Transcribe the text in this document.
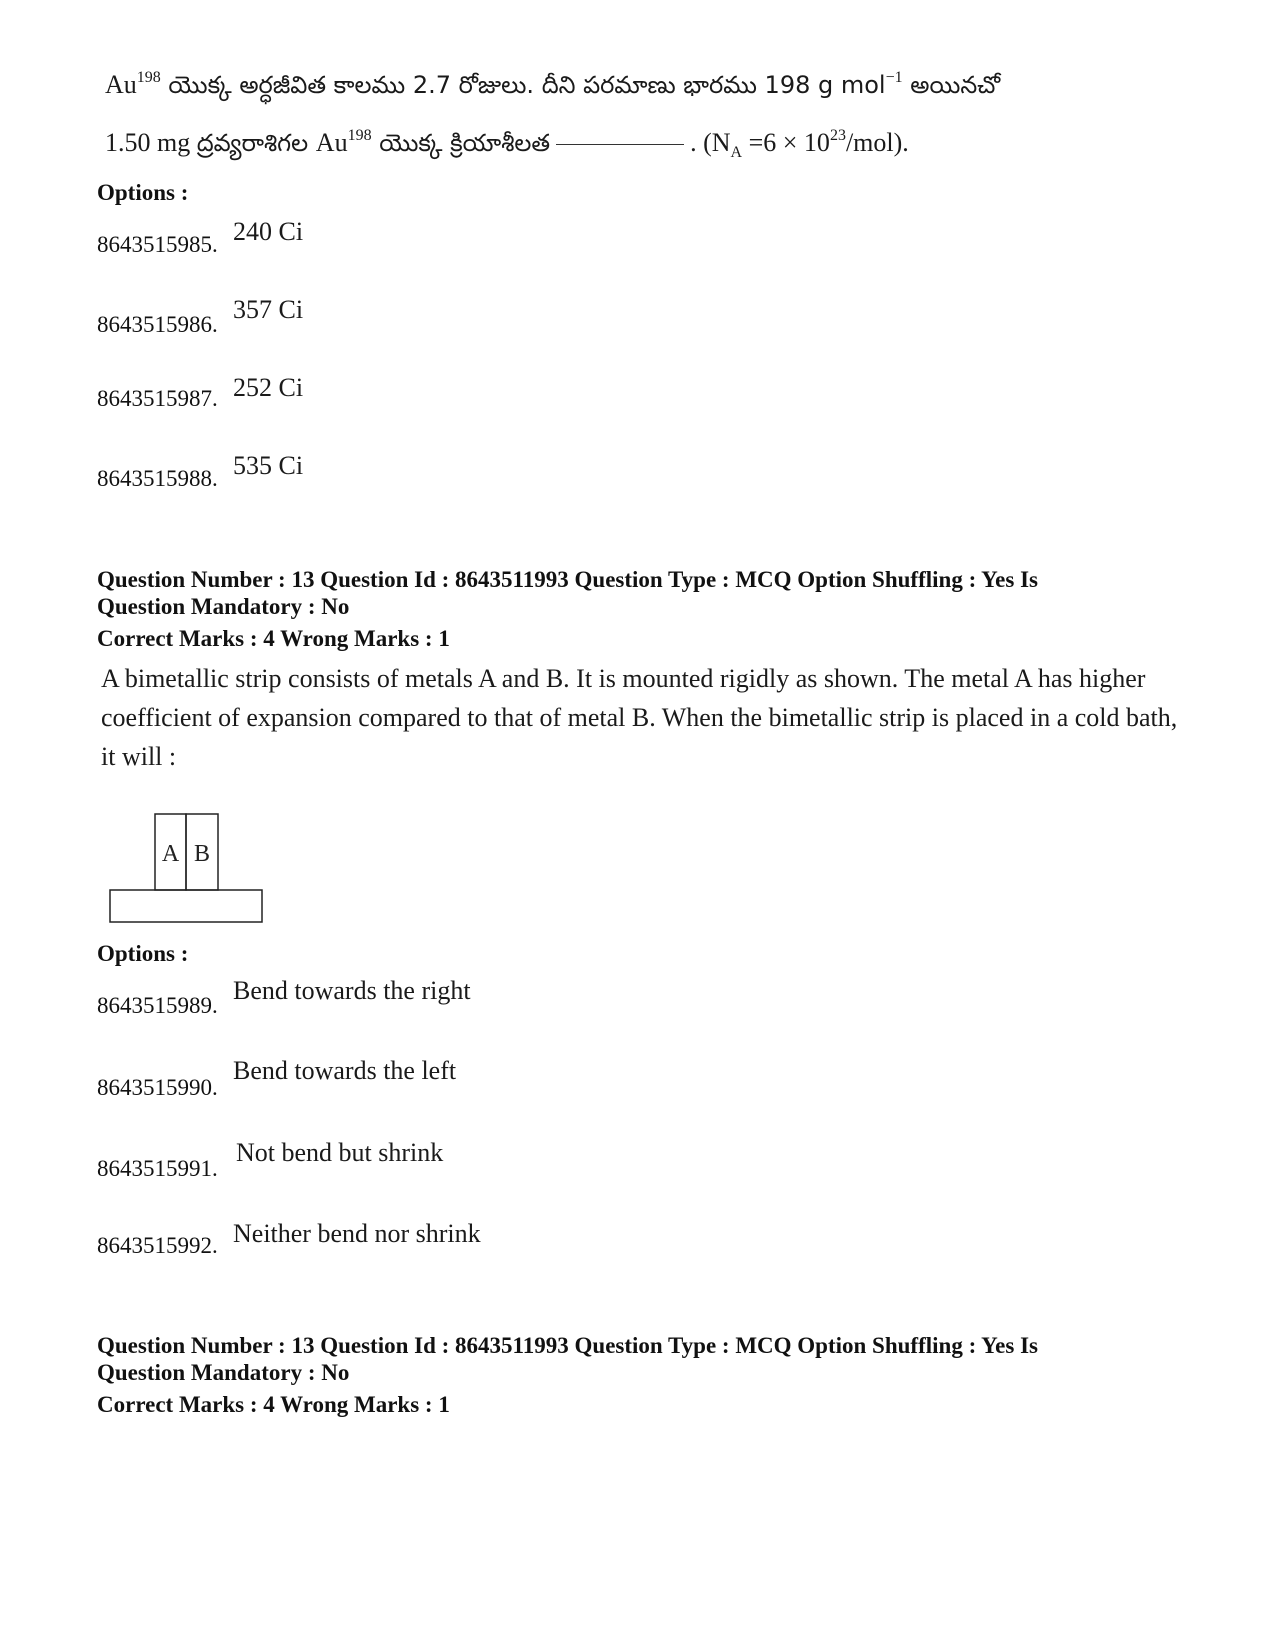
Au$^{198}$ యొక్క అర్ధజీవిత కాలము 2.7 రోజులు. దీని పరమాణు భారము 198 g mol$^{-1}$ అయినచో
1.50 mg ద్రవ్యరాశిగల Au$^{198}$ యొక్క క్రియాశీలత	. $(N_A =6 \times 10^{23}/mol)$.
Options :
8643515985. 240 Ci
8643515986.
357 Ci
8643515987. 252 Ci
8643515988. 535 Ci
Question Number : 13 Question Id : 8643511993 Question Type : MCQ Option Shuffling : Yes Is
Question Mandatory : No
Correct Marks : 4 Wrong Marks : 1
A bimetallic strip consists of metals A and B. It is mounted rigidly as shown. The metal A has higher coefficient of expansion compared to that of metal B. When the bimetallic strip is placed in a cold bath, it will :
A B
Options :
8643515989.
Bend towards the right
8643515990.
Bend towards the left
8643515991.
Not bend but shrink
8643515992. Neither bend nor shrink
Question Number : 13 Question Id : 8643511993 Question Type : MCQ Option Shuffling : Yes Is
Question Mandatory : No
Correct Marks : 4 Wrong Marks : 1
